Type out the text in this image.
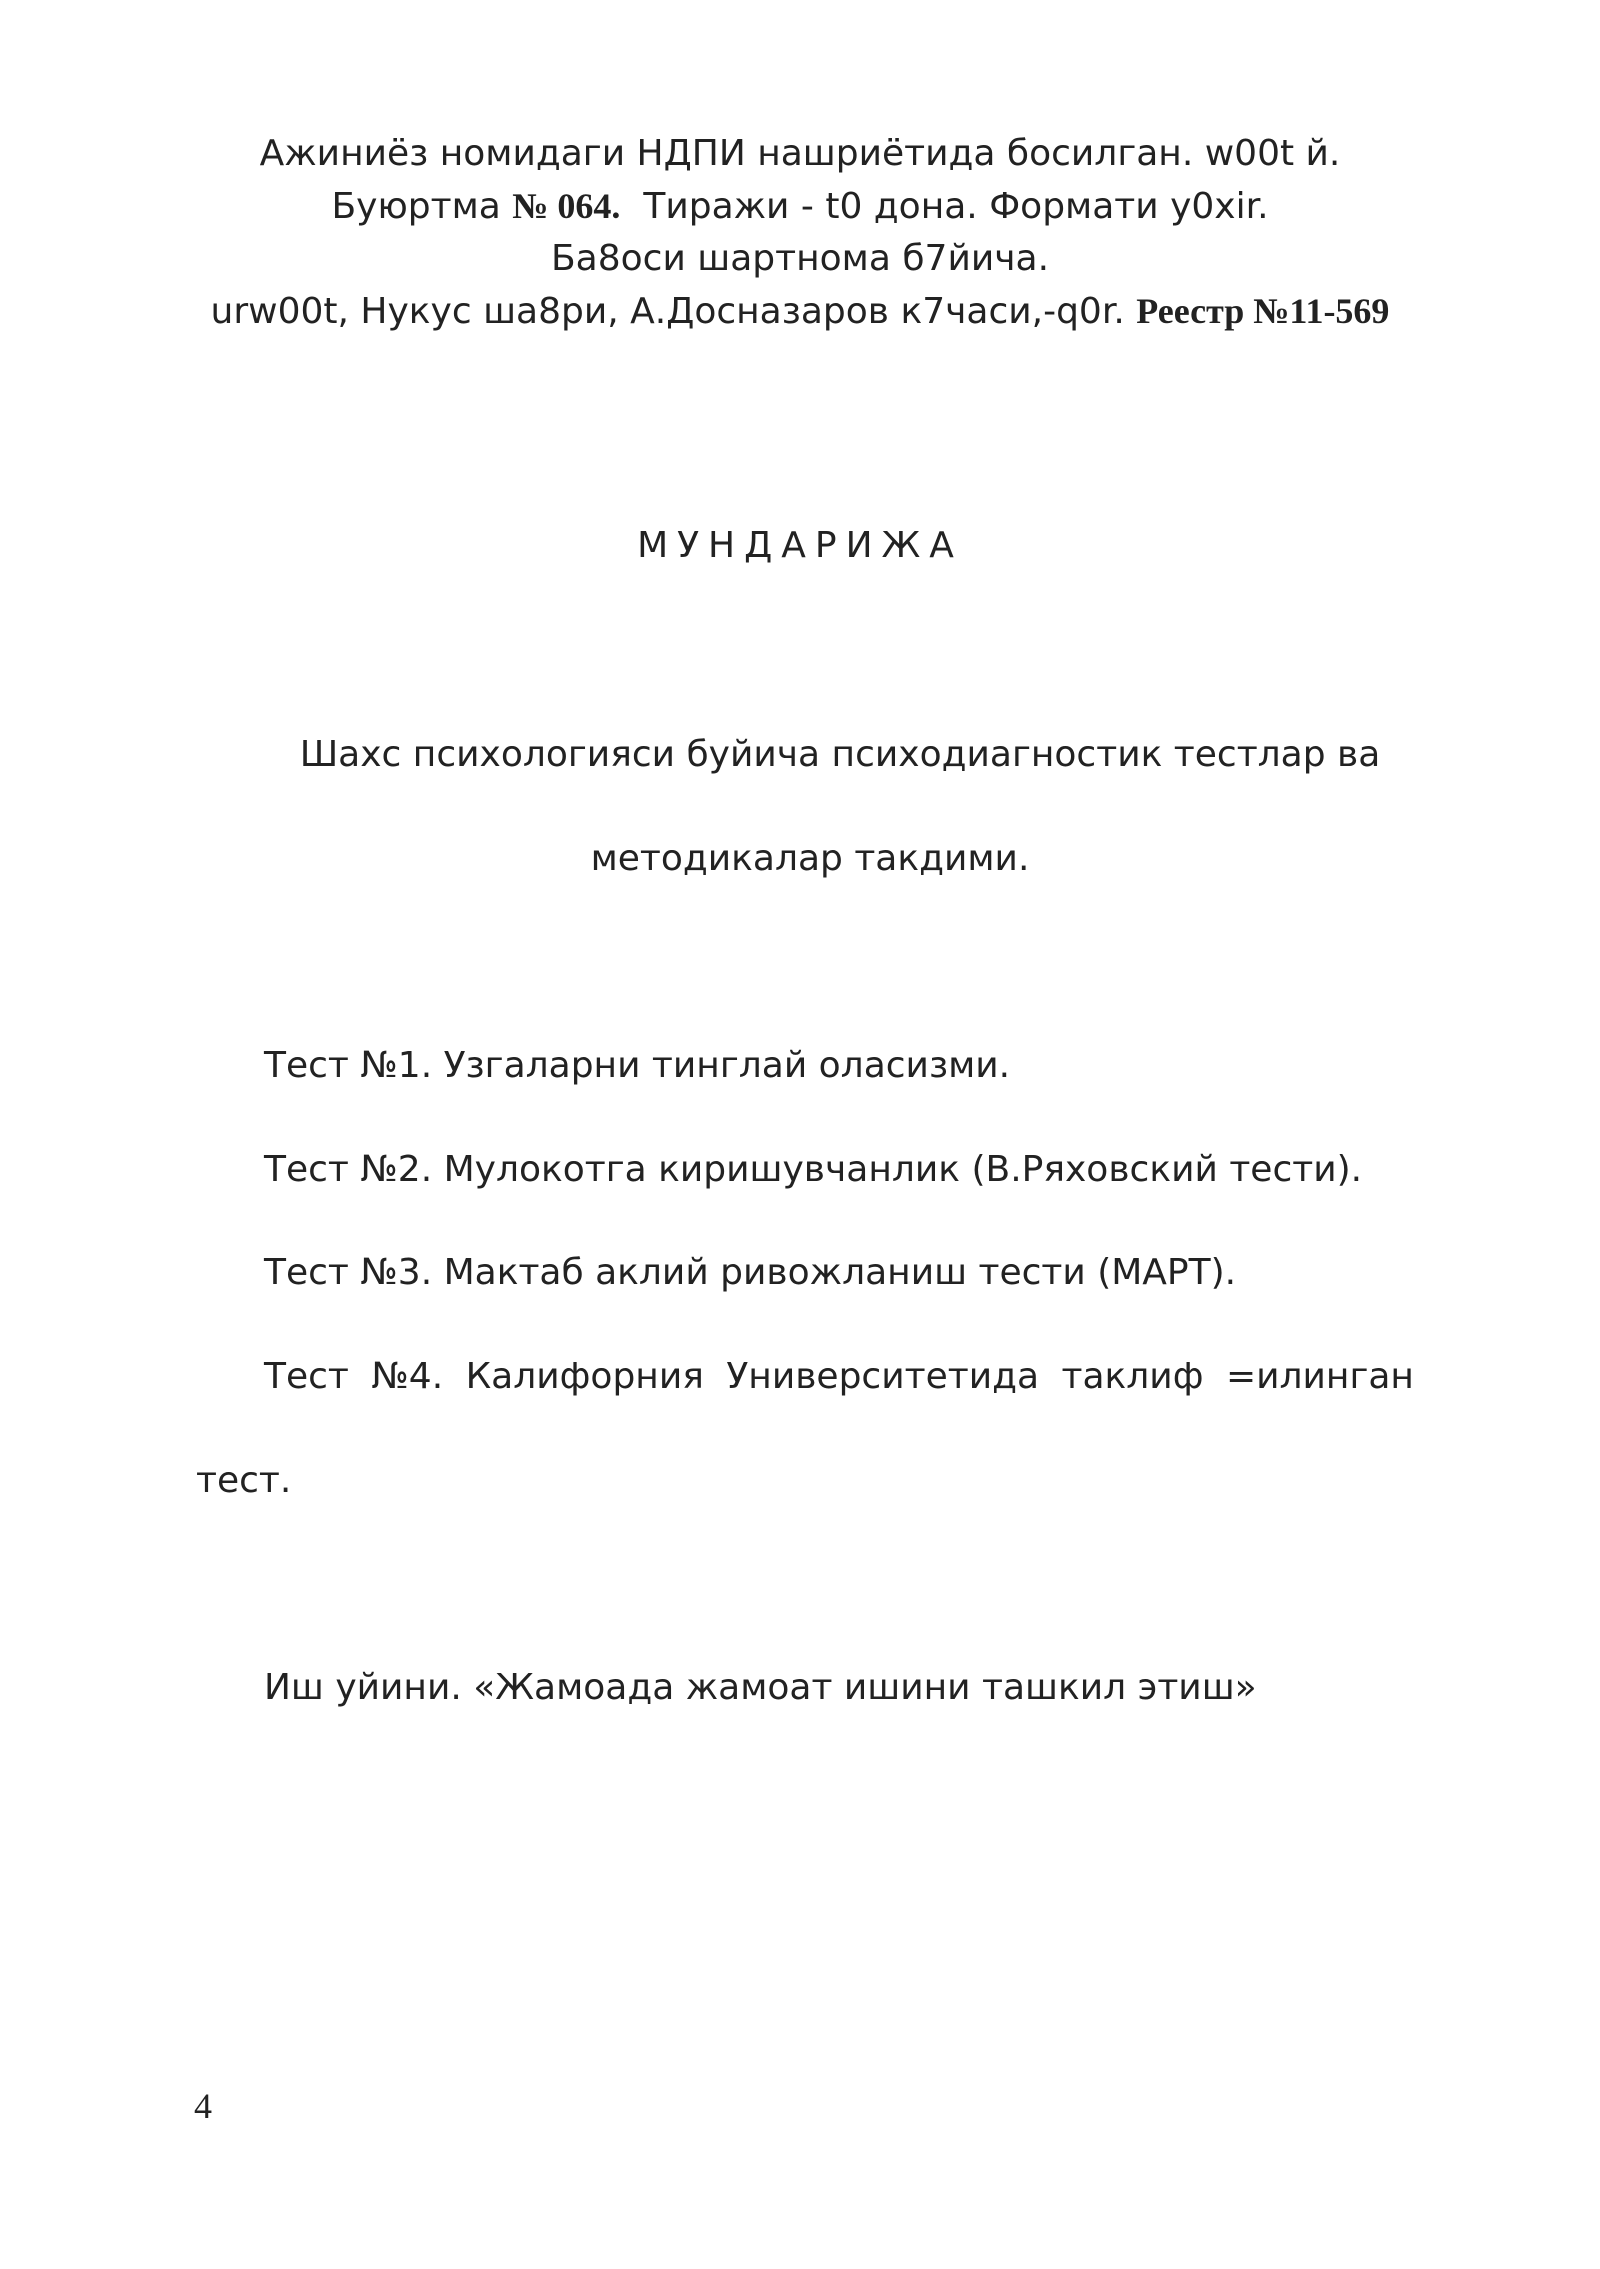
Ажиниёз номидаги НДПИ нашриётида босилган. w00t й.
Буюртма № 064.  Тиражи - t0 дона. Формати y0xir.
Ба8оси шартнома б7йича.
urw00t, Нукус ша8ри, А.Досназаров к7часи,-q0r. Реестр №11-569
МУНДАРИЖА
Шахс психологияси буйича психодиагностик тестлар ва
методикалар такдими.
Тест №1. Узгаларни тинглай оласизми.
Тест №2. Мулокотга киришувчанлик (В.Ряховский тести).
Тест №3. Мактаб аклий ривожланиш тести (МАРТ).
Тест №4. Калифорния Университетида таклиф =илинган
тест.
Иш уйини. «Жамоада жамоат ишини ташкил этиш»
4
